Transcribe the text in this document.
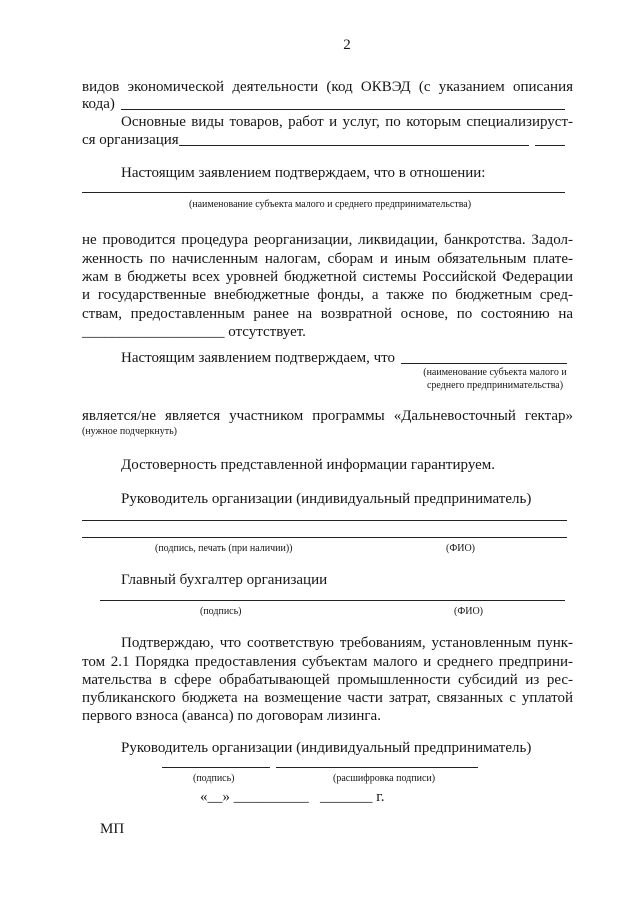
2
видов экономической деятельности (код ОКВЭД (с указанием описания
кода)
Основные виды товаров, работ и услуг, по которым специализируст-
ся организация
Настоящим заявлением подтверждаем, что в отношении:
(наименование субъекта малого и среднего предпринимательства)
не проводится процедура реорганизации, ликвидации, банкротства. Задол-
женность по начисленным налогам, сборам и иным обязательным плате-
жам в бюджеты всех уровней бюджетной системы Российской Федерации
и государственные внебюджетные фонды, а также по бюджетным сред-
ствам, предоставленным ранее на возвратной основе, по состоянию на
___________________ отсутствует.
Настоящим заявлением подтверждаем, что
(наименование субъекта малого и
среднего предпринимательства)
является/не является участником программы «Дальневосточный гектар»
(нужное подчеркнуть)
Достоверность представленной информации гарантируем.
Руководитель организации (индивидуальный предприниматель)
(подпись, печать (при наличии))	(ФИО)
Главный бухгалтер организации
(подпись)	(ФИО)
Подтверждаю, что соответствую требованиям, установленным пунк-
том 2.1 Порядка предоставления субъектам малого и среднего предприни-
мательства в сфере обрабатывающей промышленности субсидий из рес-
публиканского бюджета на возмещение части затрат, связанных с уплатой
первого взноса (аванса) по договорам лизинга.
Руководитель организации (индивидуальный предприниматель)
(подпись)	(расшифровка подписи)
«__» __________   _______ г.
МП
